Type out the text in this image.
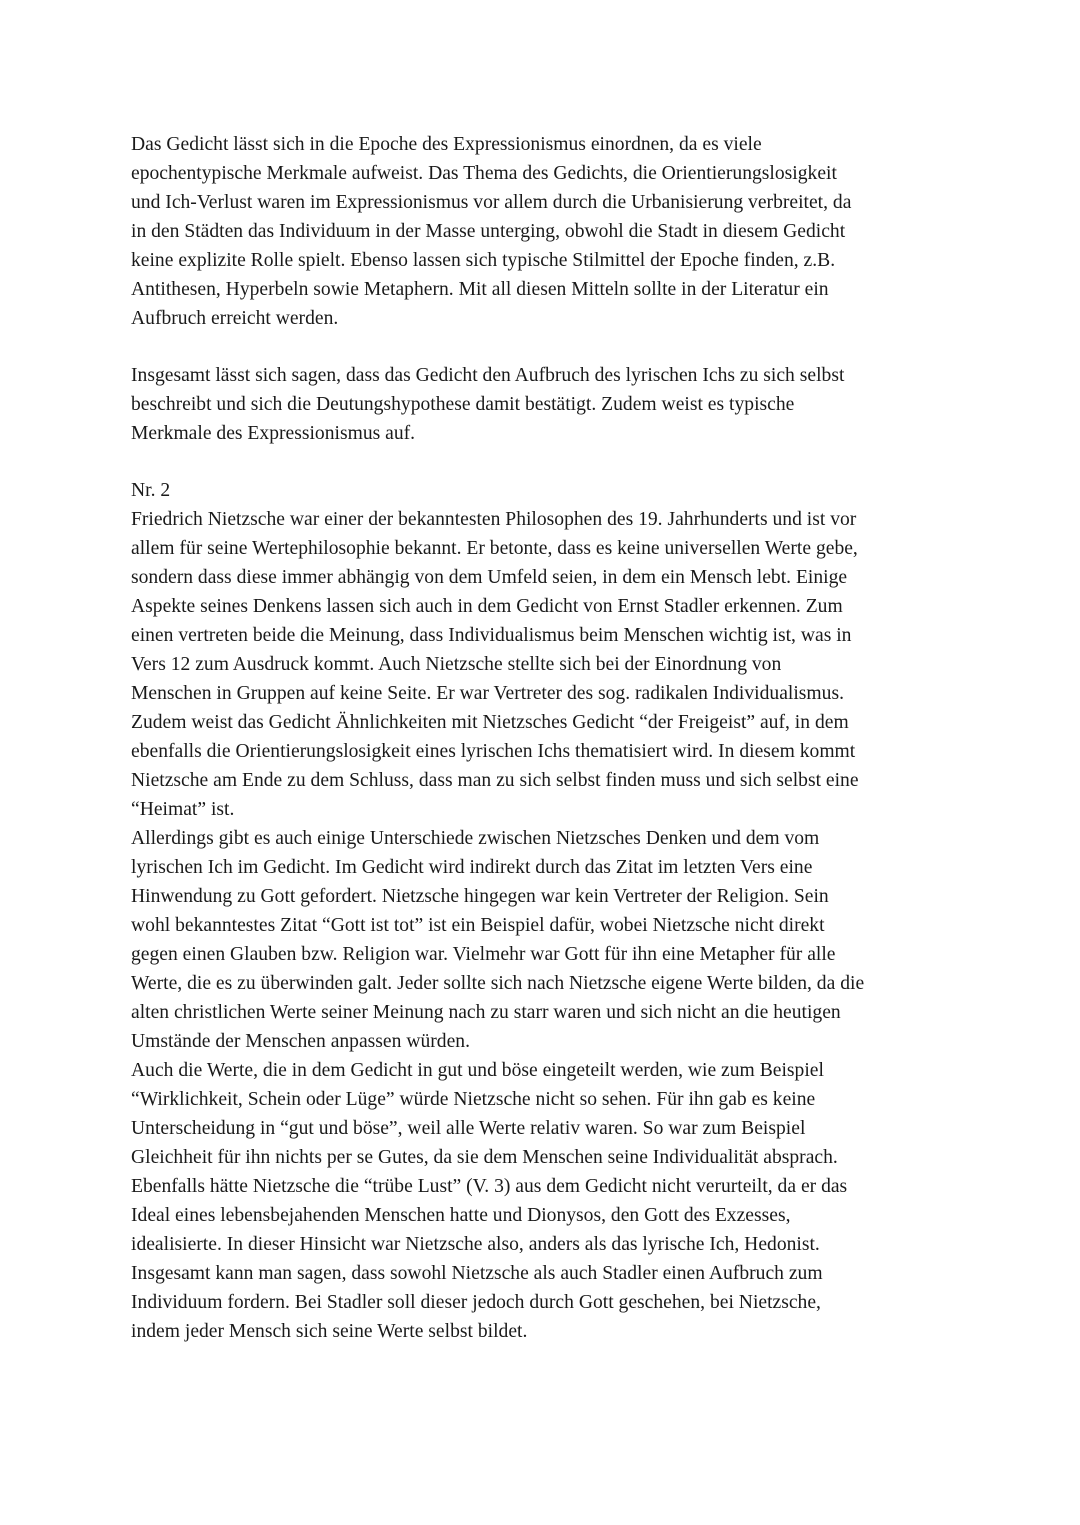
Das Gedicht lässt sich in die Epoche des Expressionismus einordnen, da es viele
epochentypische Merkmale aufweist. Das Thema des Gedichts, die Orientierungslosigkeit
und Ich-Verlust waren im Expressionismus vor allem durch die Urbanisierung verbreitet, da
in den Städten das Individuum in der Masse unterging, obwohl die Stadt in diesem Gedicht
keine explizite Rolle spielt. Ebenso lassen sich typische Stilmittel der Epoche finden, z.B.
Antithesen, Hyperbeln sowie Metaphern. Mit all diesen Mitteln sollte in der Literatur ein
Aufbruch erreicht werden.
Insgesamt lässt sich sagen, dass das Gedicht den Aufbruch des lyrischen Ichs zu sich selbst
beschreibt und sich die Deutungshypothese damit bestätigt. Zudem weist es typische
Merkmale des Expressionismus auf.
Nr. 2
Friedrich Nietzsche war einer der bekanntesten Philosophen des 19. Jahrhunderts und ist vor
allem für seine Wertephilosophie bekannt. Er betonte, dass es keine universellen Werte gebe,
sondern dass diese immer abhängig von dem Umfeld seien, in dem ein Mensch lebt. Einige
Aspekte seines Denkens lassen sich auch in dem Gedicht von Ernst Stadler erkennen. Zum
einen vertreten beide die Meinung, dass Individualismus beim Menschen wichtig ist, was in
Vers 12 zum Ausdruck kommt. Auch Nietzsche stellte sich bei der Einordnung von
Menschen in Gruppen auf keine Seite. Er war Vertreter des sog. radikalen Individualismus.
Zudem weist das Gedicht Ähnlichkeiten mit Nietzsches Gedicht “der Freigeist” auf, in dem
ebenfalls die Orientierungslosigkeit eines lyrischen Ichs thematisiert wird. In diesem kommt
Nietzsche am Ende zu dem Schluss, dass man zu sich selbst finden muss und sich selbst eine
“Heimat” ist.
Allerdings gibt es auch einige Unterschiede zwischen Nietzsches Denken und dem vom
lyrischen Ich im Gedicht. Im Gedicht wird indirekt durch das Zitat im letzten Vers eine
Hinwendung zu Gott gefordert. Nietzsche hingegen war kein Vertreter der Religion. Sein
wohl bekanntestes Zitat “Gott ist tot” ist ein Beispiel dafür, wobei Nietzsche nicht direkt
gegen einen Glauben bzw. Religion war. Vielmehr war Gott für ihn eine Metapher für alle
Werte, die es zu überwinden galt. Jeder sollte sich nach Nietzsche eigene Werte bilden, da die
alten christlichen Werte seiner Meinung nach zu starr waren und sich nicht an die heutigen
Umstände der Menschen anpassen würden.
Auch die Werte, die in dem Gedicht in gut und böse eingeteilt werden, wie zum Beispiel
“Wirklichkeit, Schein oder Lüge” würde Nietzsche nicht so sehen. Für ihn gab es keine
Unterscheidung in “gut und böse”, weil alle Werte relativ waren. So war zum Beispiel
Gleichheit für ihn nichts per se Gutes, da sie dem Menschen seine Individualität absprach.
Ebenfalls hätte Nietzsche die “trübe Lust” (V. 3) aus dem Gedicht nicht verurteilt, da er das
Ideal eines lebensbejahenden Menschen hatte und Dionysos, den Gott des Exzesses,
idealisierte. In dieser Hinsicht war Nietzsche also, anders als das lyrische Ich, Hedonist.
Insgesamt kann man sagen, dass sowohl Nietzsche als auch Stadler einen Aufbruch zum
Individuum fordern. Bei Stadler soll dieser jedoch durch Gott geschehen, bei Nietzsche,
indem jeder Mensch sich seine Werte selbst bildet.
